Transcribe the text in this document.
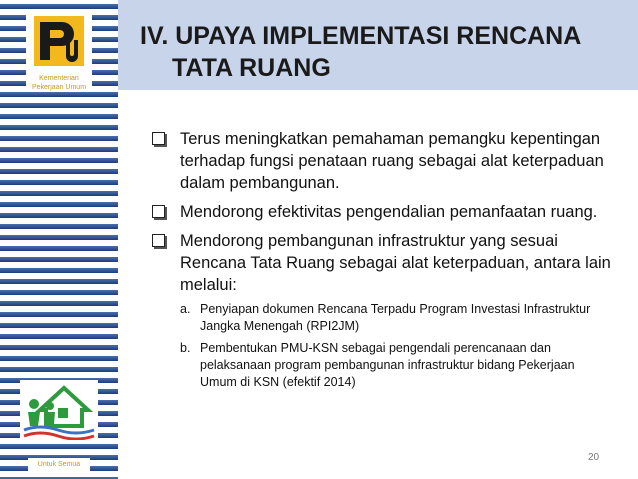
Kementerian Pekerjaan Umum
Untuk Semua
IV. UPAYA IMPLEMENTASI RENCANA
TATA RUANG
Terus meningkatkan pemahaman pemangku kepentingan terhadap fungsi penataan ruang sebagai alat keterpaduan dalam pembangunan.
Mendorong efektivitas pengendalian pemanfaatan ruang.
Mendorong pembangunan infrastruktur yang sesuai Rencana Tata Ruang sebagai alat keterpaduan, antara lain melalui:
a. Penyiapan dokumen Rencana Terpadu Program Investasi Infrastruktur Jangka Menengah (RPI2JM)
b. Pembentukan PMU-KSN sebagai pengendali perencanaan dan pelaksanaan program pembangunan infrastruktur bidang Pekerjaan Umum di KSN (efektif 2014)
20
